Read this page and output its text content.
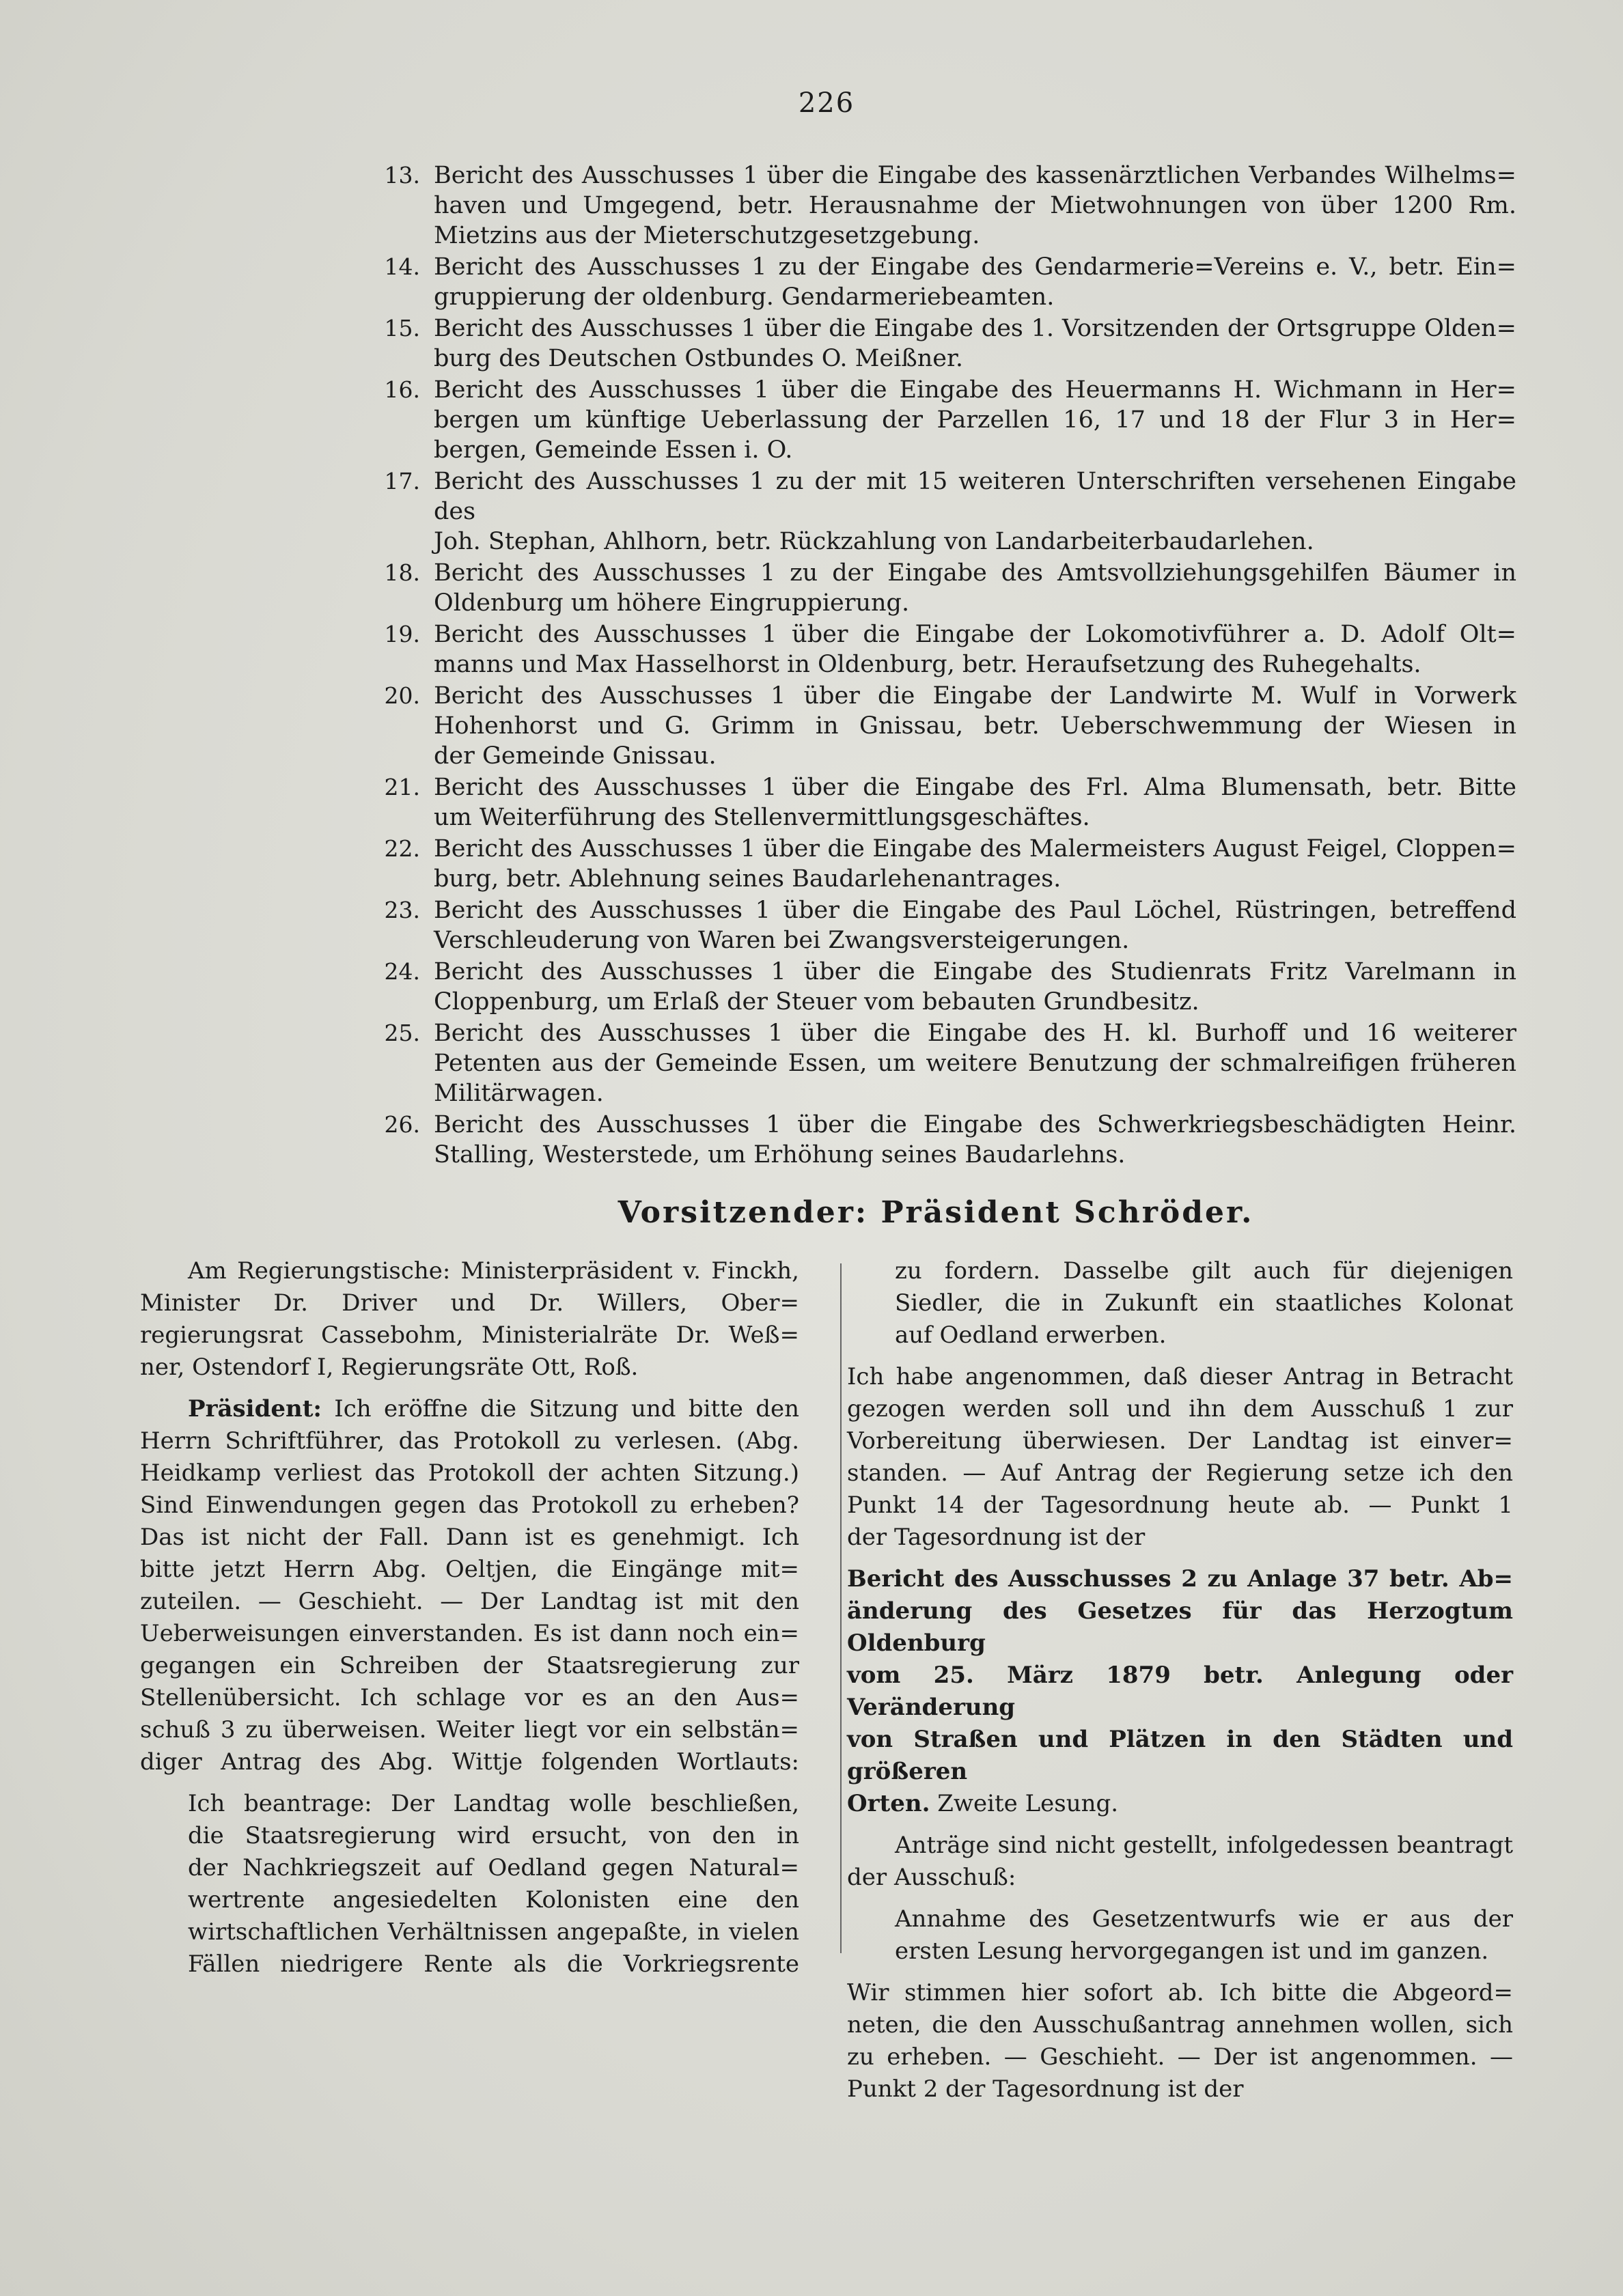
226
13. Bericht des Ausschusses 1 über die Eingabe des kassenärztlichen Verbandes Wilhelms=
haven und Umgegend, betr. Herausnahme der Mietwohnungen von über 1200 Rm.
Mietzins aus der Mieterschutzgesetzgebung.
14. Bericht des Ausschusses 1 zu der Eingabe des Gendarmerie=Vereins e. V., betr. Ein=
gruppierung der oldenburg. Gendarmeriebeamten.
15. Bericht des Ausschusses 1 über die Eingabe des 1. Vorsitzenden der Ortsgruppe Olden=
burg des Deutschen Ostbundes O. Meißner.
16. Bericht des Ausschusses 1 über die Eingabe des Heuermanns H. Wichmann in Her=
bergen um künftige Ueberlassung der Parzellen 16, 17 und 18 der Flur 3 in Her=
bergen, Gemeinde Essen i. O.
17. Bericht des Ausschusses 1 zu der mit 15 weiteren Unterschriften versehenen Eingabe des
Joh. Stephan, Ahlhorn, betr. Rückzahlung von Landarbeiterbaudarlehen.
18. Bericht des Ausschusses 1 zu der Eingabe des Amtsvollziehungsgehilfen Bäumer in
Oldenburg um höhere Eingruppierung.
19. Bericht des Ausschusses 1 über die Eingabe der Lokomotivführer a. D. Adolf Olt=
manns und Max Hasselhorst in Oldenburg, betr. Heraufsetzung des Ruhegehalts.
20. Bericht des Ausschusses 1 über die Eingabe der Landwirte M. Wulf in Vorwerk
Hohenhorst und G. Grimm in Gnissau, betr. Ueberschwemmung der Wiesen in
der Gemeinde Gnissau.
21. Bericht des Ausschusses 1 über die Eingabe des Frl. Alma Blumensath, betr. Bitte
um Weiterführung des Stellenvermittlungsgeschäftes.
22. Bericht des Ausschusses 1 über die Eingabe des Malermeisters August Feigel, Cloppen=
burg, betr. Ablehnung seines Baudarlehenantrages.
23. Bericht des Ausschusses 1 über die Eingabe des Paul Löchel, Rüstringen, betreffend
Verschleuderung von Waren bei Zwangsversteigerungen.
24. Bericht des Ausschusses 1 über die Eingabe des Studienrats Fritz Varelmann in
Cloppenburg, um Erlaß der Steuer vom bebauten Grundbesitz.
25. Bericht des Ausschusses 1 über die Eingabe des H. kl. Burhoff und 16 weiterer
Petenten aus der Gemeinde Essen, um weitere Benutzung der schmalreifigen früheren
Militärwagen.
26. Bericht des Ausschusses 1 über die Eingabe des Schwerkriegsbeschädigten Heinr.
Stalling, Westerstede, um Erhöhung seines Baudarlehns.
Vorsitzender: Präsident Schröder.
Am Regierungstische: Ministerpräsident v. Finckh,
Minister Dr. Driver und Dr. Willers, Ober=
regierungsrat Cassebohm, Ministerialräte Dr. Weß=
ner, Ostendorf I, Regierungsräte Ott, Roß.
Präsident: Ich eröffne die Sitzung und bitte den
Herrn Schriftführer, das Protokoll zu verlesen. (Abg.
Heidkamp verliest das Protokoll der achten Sitzung.)
Sind Einwendungen gegen das Protokoll zu erheben?
Das ist nicht der Fall. Dann ist es genehmigt. Ich
bitte jetzt Herrn Abg. Oeltjen, die Eingänge mit=
zuteilen. — Geschieht. — Der Landtag ist mit den
Ueberweisungen einverstanden. Es ist dann noch ein=
gegangen ein Schreiben der Staatsregierung zur
Stellenübersicht. Ich schlage vor es an den Aus=
schuß 3 zu überweisen. Weiter liegt vor ein selbstän=
diger Antrag des Abg. Wittje folgenden Wortlauts:
Ich beantrage: Der Landtag wolle beschließen,
die Staatsregierung wird ersucht, von den in
der Nachkriegszeit auf Oedland gegen Natural=
wertrente angesiedelten Kolonisten eine den
wirtschaftlichen Verhältnissen angepaßte, in vielen
Fällen niedrigere Rente als die Vorkriegsrente
zu fordern. Dasselbe gilt auch für diejenigen
Siedler, die in Zukunft ein staatliches Kolonat
auf Oedland erwerben.
Ich habe angenommen, daß dieser Antrag in Betracht
gezogen werden soll und ihn dem Ausschuß 1 zur
Vorbereitung überwiesen. Der Landtag ist einver=
standen. — Auf Antrag der Regierung setze ich den
Punkt 14 der Tagesordnung heute ab. — Punkt 1
der Tagesordnung ist der
Bericht des Ausschusses 2 zu Anlage 37 betr. Ab=
änderung des Gesetzes für das Herzogtum Oldenburg
vom 25. März 1879 betr. Anlegung oder Veränderung
von Straßen und Plätzen in den Städten und größeren
Orten. Zweite Lesung.
Anträge sind nicht gestellt, infolgedessen beantragt
der Ausschuß:
Annahme des Gesetzentwurfs wie er aus der
ersten Lesung hervorgegangen ist und im ganzen.
Wir stimmen hier sofort ab. Ich bitte die Abgeord=
neten, die den Ausschußantrag annehmen wollen, sich
zu erheben. — Geschieht. — Der ist angenommen. —
Punkt 2 der Tagesordnung ist der
